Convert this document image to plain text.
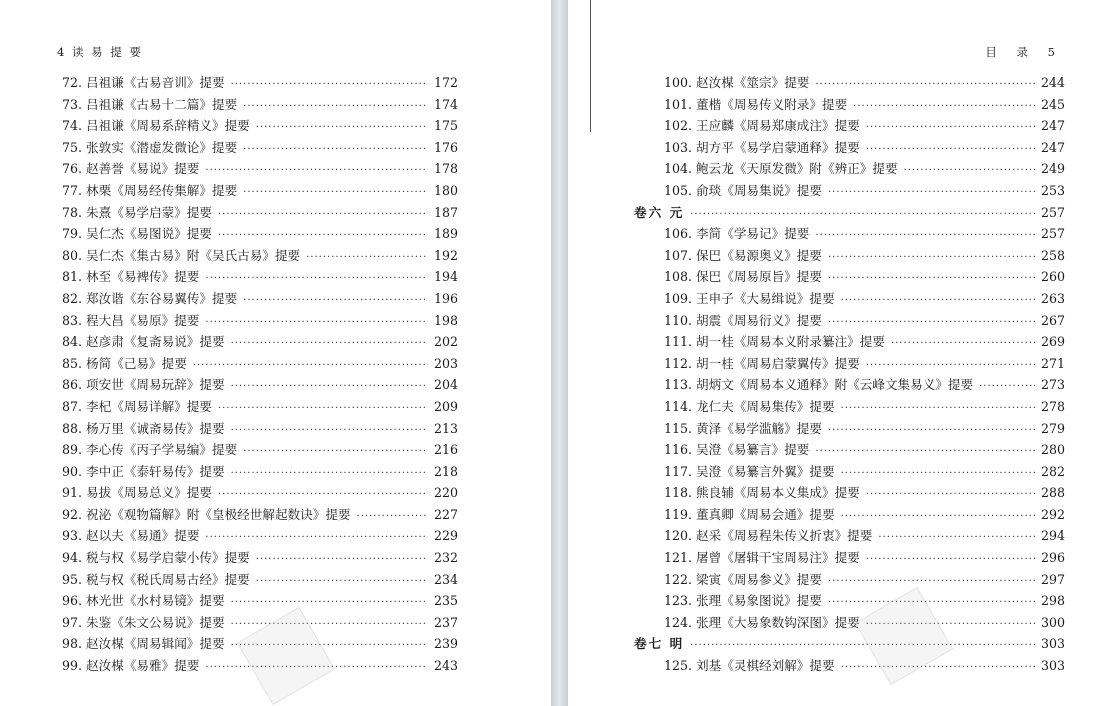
4 读 易 提 要
72. 吕祖谦《古易音训》提要 ·····	172
73. 吕祖谦《古易十二篇》提要 ·····	174
74. 吕祖谦《周易系辞精义》提要 ·····	175
75. 张敦实《潜虚发微论》提要 ·····	176
76. 赵善誉《易说》提要 ·····	178
77. 林栗《周易经传集解》提要 ·····	180
78. 朱熹《易学启蒙》提要 ·····	187
79. 吴仁杰《易图说》提要 ·····	189
80. 吴仁杰《集古易》附《吴氏古易》提要 ·····	192
81. 林至《易裨传》提要 ·····	194
82. 郑汝谐《东谷易翼传》提要 ·····	196
83. 程大昌《易原》提要 ·····	198
84. 赵彦肃《复斋易说》提要 ·····	202
85. 杨简《己易》提要 ·····	203
86. 项安世《周易玩辞》提要 ·····	204
87. 李杞《周易详解》提要 ·····	209
88. 杨万里《诚斋易传》提要 ·····	213
89. 李心传《丙子学易编》提要 ·····	216
90. 李中正《泰轩易传》提要 ·····	218
91. 易拔《周易总义》提要 ·····	220
92. 祝泌《观物篇解》附《皇极经世解起数诀》提要 ·····	227
93. 赵以夫《易通》提要 ·····	229
94. 税与权《易学启蒙小传》提要 ·····	232
95. 税与权《税氏周易古经》提要 ·····	234
96. 林光世《水村易镜》提要 ·····	235
97. 朱鉴《朱文公易说》提要 ·····	237
98. 赵汝楳《周易辑闻》提要 ·····	239
99. 赵汝楳《易雅》提要 ·····	243
目 录 5
100. 赵汝楳《筮宗》提要 ·····	244
101. 董楷《周易传义附录》提要 ·····	245
102. 王应麟《周易郑康成注》提要 ·····	247
103. 胡方平《易学启蒙通释》提要 ·····	247
104. 鲍云龙《天原发微》附《辨正》提要 ·····	249
105. 俞琰《周易集说》提要 ·····	253
卷六 元 ·····	257
106. 李简《学易记》提要 ·····	257
107. 保巴《易源奥义》提要 ·····	258
108. 保巴《周易原旨》提要 ·····	260
109. 王申子《大易缉说》提要 ·····	263
110. 胡震《周易衍义》提要 ·····	267
111. 胡一桂《周易本义附录纂注》提要 ·····	269
112. 胡一桂《周易启蒙翼传》提要 ·····	271
113. 胡炳文《周易本义通释》附《云峰文集易义》提要 ·····	273
114. 龙仁夫《周易集传》提要 ·····	278
115. 黄泽《易学滥觞》提要 ·····	279
116. 吴澄《易纂言》提要 ·····	280
117. 吴澄《易纂言外翼》提要 ·····	282
118. 熊良辅《周易本义集成》提要 ·····	288
119. 董真卿《周易会通》提要 ·····	292
120. 赵采《周易程朱传义折衷》提要 ·····	294
121. 屠曾《屠辑干宝周易注》提要 ·····	296
122. 梁寅《周易参义》提要 ·····	297
123. 张理《易象图说》提要 ·····	298
124. 张理《大易象数钩深图》提要 ·····	300
卷七 明 ·····	303
125. 刘基《灵棋经刘解》提要 ·····	303
